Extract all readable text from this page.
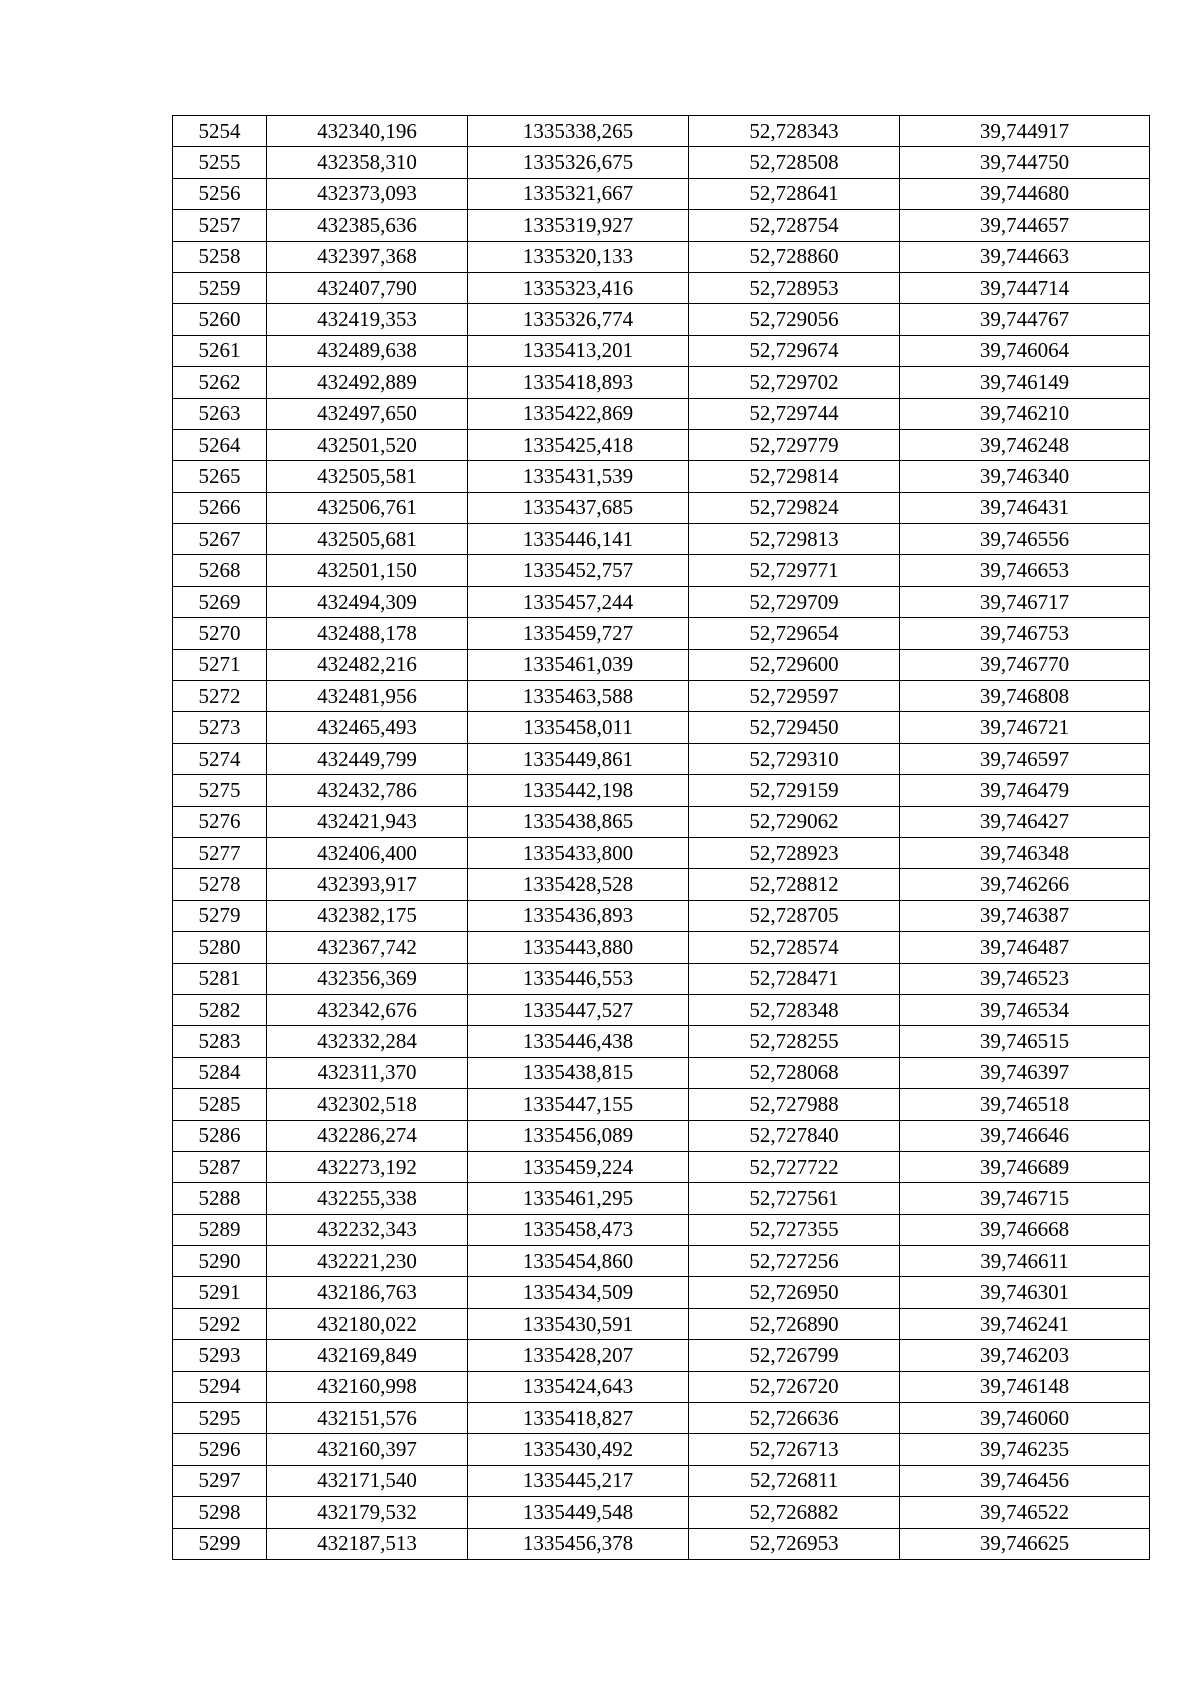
5254	432340,196	1335338,265	52,728343	39,744917
5255	432358,310	1335326,675	52,728508	39,744750
5256	432373,093	1335321,667	52,728641	39,744680
5257	432385,636	1335319,927	52,728754	39,744657
5258	432397,368	1335320,133	52,728860	39,744663
5259	432407,790	1335323,416	52,728953	39,744714
5260	432419,353	1335326,774	52,729056	39,744767
5261	432489,638	1335413,201	52,729674	39,746064
5262	432492,889	1335418,893	52,729702	39,746149
5263	432497,650	1335422,869	52,729744	39,746210
5264	432501,520	1335425,418	52,729779	39,746248
5265	432505,581	1335431,539	52,729814	39,746340
5266	432506,761	1335437,685	52,729824	39,746431
5267	432505,681	1335446,141	52,729813	39,746556
5268	432501,150	1335452,757	52,729771	39,746653
5269	432494,309	1335457,244	52,729709	39,746717
5270	432488,178	1335459,727	52,729654	39,746753
5271	432482,216	1335461,039	52,729600	39,746770
5272	432481,956	1335463,588	52,729597	39,746808
5273	432465,493	1335458,011	52,729450	39,746721
5274	432449,799	1335449,861	52,729310	39,746597
5275	432432,786	1335442,198	52,729159	39,746479
5276	432421,943	1335438,865	52,729062	39,746427
5277	432406,400	1335433,800	52,728923	39,746348
5278	432393,917	1335428,528	52,728812	39,746266
5279	432382,175	1335436,893	52,728705	39,746387
5280	432367,742	1335443,880	52,728574	39,746487
5281	432356,369	1335446,553	52,728471	39,746523
5282	432342,676	1335447,527	52,728348	39,746534
5283	432332,284	1335446,438	52,728255	39,746515
5284	432311,370	1335438,815	52,728068	39,746397
5285	432302,518	1335447,155	52,727988	39,746518
5286	432286,274	1335456,089	52,727840	39,746646
5287	432273,192	1335459,224	52,727722	39,746689
5288	432255,338	1335461,295	52,727561	39,746715
5289	432232,343	1335458,473	52,727355	39,746668
5290	432221,230	1335454,860	52,727256	39,746611
5291	432186,763	1335434,509	52,726950	39,746301
5292	432180,022	1335430,591	52,726890	39,746241
5293	432169,849	1335428,207	52,726799	39,746203
5294	432160,998	1335424,643	52,726720	39,746148
5295	432151,576	1335418,827	52,726636	39,746060
5296	432160,397	1335430,492	52,726713	39,746235
5297	432171,540	1335445,217	52,726811	39,746456
5298	432179,532	1335449,548	52,726882	39,746522
5299	432187,513	1335456,378	52,726953	39,746625
